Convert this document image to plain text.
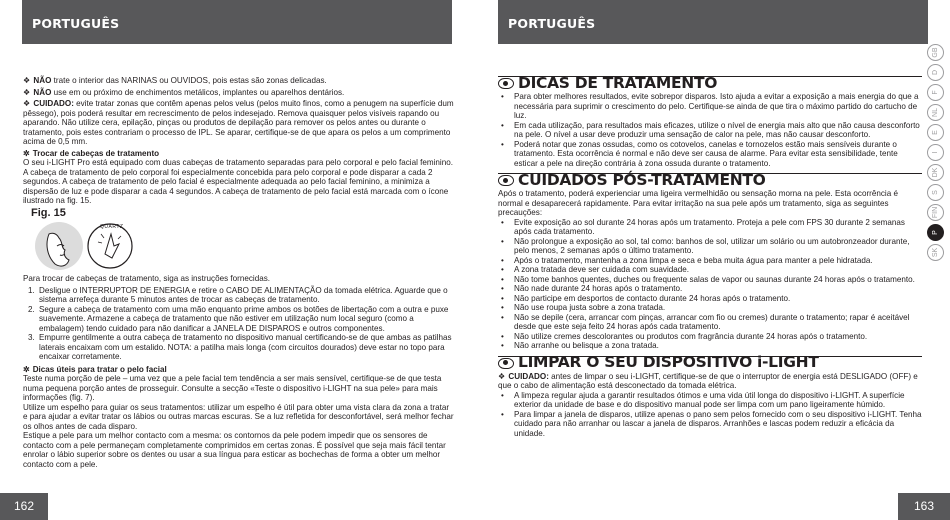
PORTUGUÊS

❖ NÃO trate o interior das NARINAS ou OUVIDOS, pois estas são zonas delicadas.

❖ NÃO use em ou próximo de enchimentos metálicos, implantes ou aparelhos dentários.

❖ CUIDADO: evite tratar zonas que contêm apenas pelos velus (pelos muito finos, como a penugem na superfície dum pêssego), pois poderá resultar em recrescimento de pelos indesejado. Remova quaisquer pelos visíveis rapando ou aparando. Não utilize cera, epilação, pinças ou produtos de depilação para remover os pelos antes ou durante o tratamento, pois estes contrariam o processo de IPL. Se aparar, certifique-se de que apara os pelos a um comprimento acima de 0,5 mm.

✲ Trocar de cabeças de tratamento

O seu i-LIGHT Pro está equipado com duas cabeças de tratamento separadas para pelo corporal e pelo facial feminino. A cabeça de tratamento de pelo corporal foi especialmente concebida para pelo corporal e pode disparar a cada 2 segundos. A cabeça de tratamento de pelo facial é especialmente adequada ao pelo facial feminino, a minimiza a dispersão de luz e pode disparar a cada 4 segundos. A cabeça de tratamento de pelo facial está marcada com o ícone ilustrado na fig. 15.

Fig. 15
QUARTZ

Para trocar de cabeças de tratamento, siga as instruções fornecidas.

1. Desligue o INTERRUPTOR DE ENERGIA e retire o CABO DE ALIMENTAÇÃO da tomada elétrica. Aguarde que o sistema arrefeça durante 5 minutos antes de trocar as cabeças de tratamento.
2. Segure a cabeça de tratamento com uma mão enquanto prime ambos os botões de libertação com a outra e puxe suavemente. Armazene a cabeça de tratamento que não estiver em utilização num local seguro (como a embalagem) tendo cuidado para não danificar a JANELA DE DISPAROS e outros componentes.
3. Empurre gentilmente a outra cabeça de tratamento no dispositivo manual certificando-se de que ambas as patilhas laterais encaixam com um estalido. NOTA: a patilha mais longa (com circuitos dourados) deve estar no topo para encaixar corretamente.
✲ Dicas úteis para tratar o pelo facial

Teste numa porção de pele – uma vez que a pele facial tem tendência a ser mais sensível, certifique-se de que testa numa pequena porção antes de prosseguir. Consulte a secção «Teste o dispositivo i-LIGHT na sua pele» para mais informações (fig. 7).

Utilize um espelho para guiar os seus tratamentos: utilizar um espelho é útil para obter uma vista clara da zona a tratar e para ajudar a evitar tratar os lábios ou outras marcas escuras. Se a luz refletida for desconfortável, será melhor fechar os olhos antes de cada disparo.

Estique a pele para um melhor contacto com a mesma: os contornos da pele podem impedir que os sensores de contacto com a pele permaneçam completamente comprimidos em certas zonas. É possível que seja mais fácil tentar enrolar o lábio superior sobre os dentes ou usar a sua língua para esticar as bochechas de forma a obter um melhor contacto com a pele.

162
PORTUGUÊS
DICAS DE TRATAMENTO
• Para obter melhores resultados, evite sobrepor disparos. Isto ajuda a evitar a exposição a mais energia do que a necessária para suprimir o crescimento do pelo. Certifique-se ainda de que tira o máximo partido do cartucho de luz.
• Em cada utilização, para resultados mais eficazes, utilize o nível de energia mais alto que não causa desconforto na pele. O nível a usar deve produzir uma sensação de calor na pele, mas não causar desconforto.
• Poderá notar que zonas ossudas, como os cotovelos, canelas e tornozelos estão mais sensíveis durante o tratamento. Esta ocorrência é normal e não deve ser causa de alarme. Para evitar esta sensibilidade, tente esticar a pele na direção contrária à zona ossuda durante o tratamento.
CUIDADOS PÓS-TRATAMENTO

Após o tratamento, poderá experienciar uma ligeira vermelhidão ou sensação morna na pele. Esta ocorrência é normal e desaparecerá rapidamente. Para evitar irritação na sua pele após um tratamento, siga as seguintes precauções:

• Evite exposição ao sol durante 24 horas após um tratamento. Proteja a pele com FPS 30 durante 2 semanas após cada tratamento.
• Não prolongue a exposição ao sol, tal como: banhos de sol, utilizar um solário ou um autobronzeador durante, pelo menos, 2 semanas após o último tratamento.
• Após o tratamento, mantenha a zona limpa e seca e beba muita água para manter a pele hidratada.
• A zona tratada deve ser cuidada com suavidade.
• Não tome banhos quentes, duches ou frequente salas de vapor ou saunas durante 24 horas após o tratamento.
• Não nade durante 24 horas após o tratamento.
• Não participe em desportos de contacto durante 24 horas após o tratamento.
• Não use roupa justa sobre a zona tratada.
• Não se depile (cera, arrancar com pinças, arrancar com fio ou cremes) durante o tratamento; rapar é aceitável desde que este seja feito 24 horas após cada tratamento.
• Não utilize cremes descolorantes ou produtos com fragrância durante 24 horas após o tratamento.
• Não arranhe ou belisque a zona tratada.
LIMPAR O SEU DISPOSITIVO i-LIGHT

❖ CUIDADO: antes de limpar o seu i-LIGHT, certifique-se de que o interruptor de energia está DESLIGADO (OFF) e que o cabo de alimentação está desconectado da tomada elétrica.

• A limpeza regular ajuda a garantir resultados ótimos e uma vida útil longa do dispositivo i-LIGHT. A superfície exterior da unidade de base e do dispositivo manual pode ser limpa com um pano ligeiramente húmido.
• Para limpar a janela de disparos, utilize apenas o pano sem pelos fornecido com o seu dispositivo i-LIGHT. Tenha cuidado para não arranhar ou lascar a janela de disparos. Arranhões e lascas podem reduzir a eficácia da unidade.
163
GB
D
F
NL
E
I
DK
S
FIN
P
SK
